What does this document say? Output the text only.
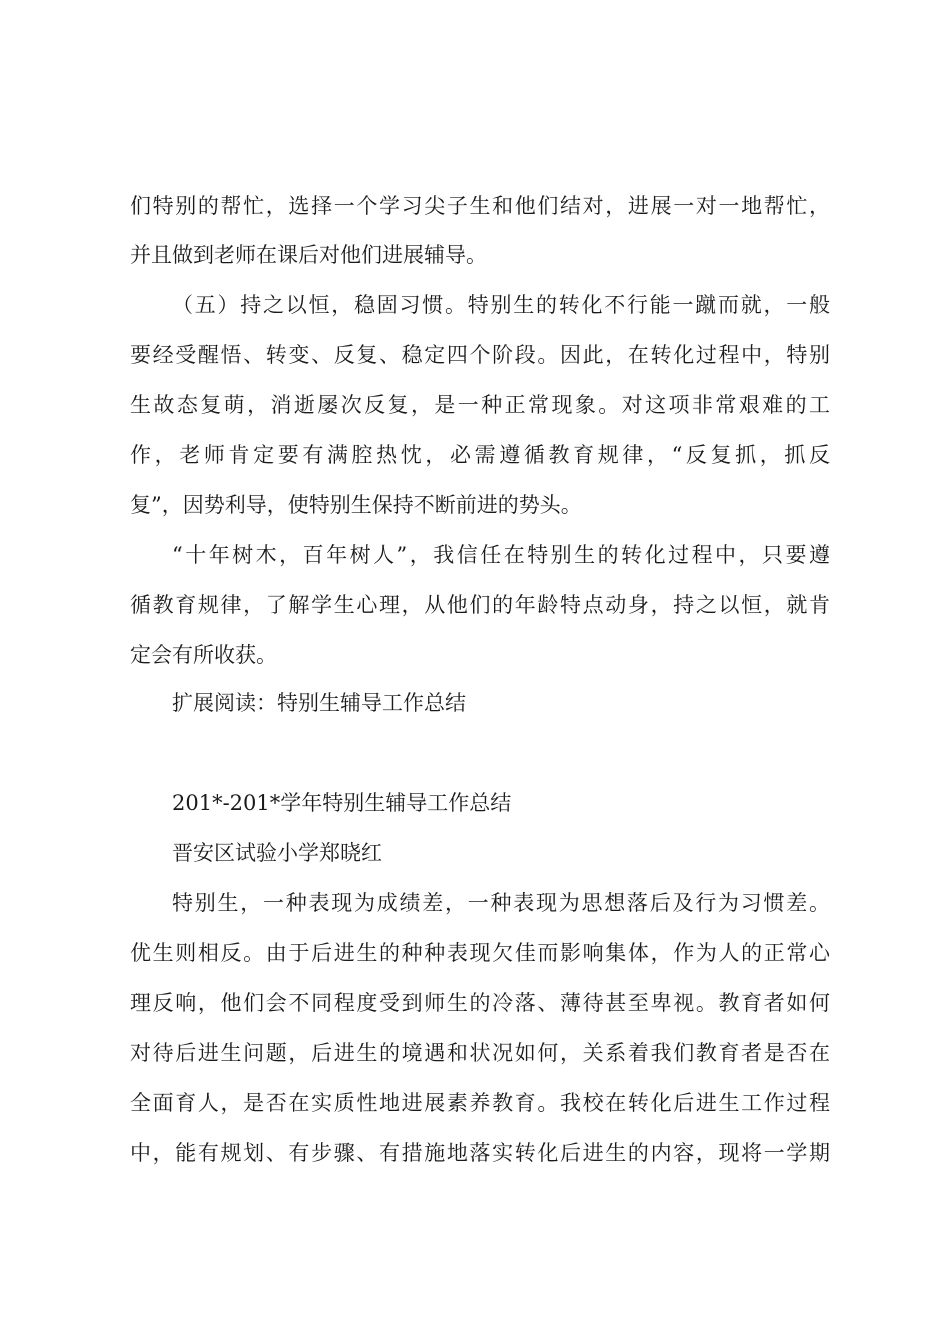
们特别的帮忙，选择一个学习尖子生和他们结对，进展一对一地帮忙，
并且做到老师在课后对他们进展辅导。
（五）持之以恒，稳固习惯。特别生的转化不行能一蹴而就，一般
要经受醒悟、转变、反复、稳定四个阶段。因此，在转化过程中，特别
生故态复萌，消逝屡次反复，是一种正常现象。对这项非常艰难的工
作，老师肯定要有满腔热忱，必需遵循教育规律，“反复抓，抓反
复”，因势利导，使特别生保持不断前进的势头。
“十年树木，百年树人”，我信任在特别生的转化过程中，只要遵
循教育规律，了解学生心理，从他们的年龄特点动身，持之以恒，就肯
定会有所收获。
扩展阅读：特别生辅导工作总结
201*-201*学年特别生辅导工作总结
晋安区试验小学郑晓红
特别生，一种表现为成绩差，一种表现为思想落后及行为习惯差。
优生则相反。由于后进生的种种表现欠佳而影响集体，作为人的正常心
理反响，他们会不同程度受到师生的冷落、薄待甚至卑视。教育者如何
对待后进生问题，后进生的境遇和状况如何，关系着我们教育者是否在
全面育人，是否在实质性地进展素养教育。我校在转化后进生工作过程
中，能有规划、有步骤、有措施地落实转化后进生的内容，现将一学期
